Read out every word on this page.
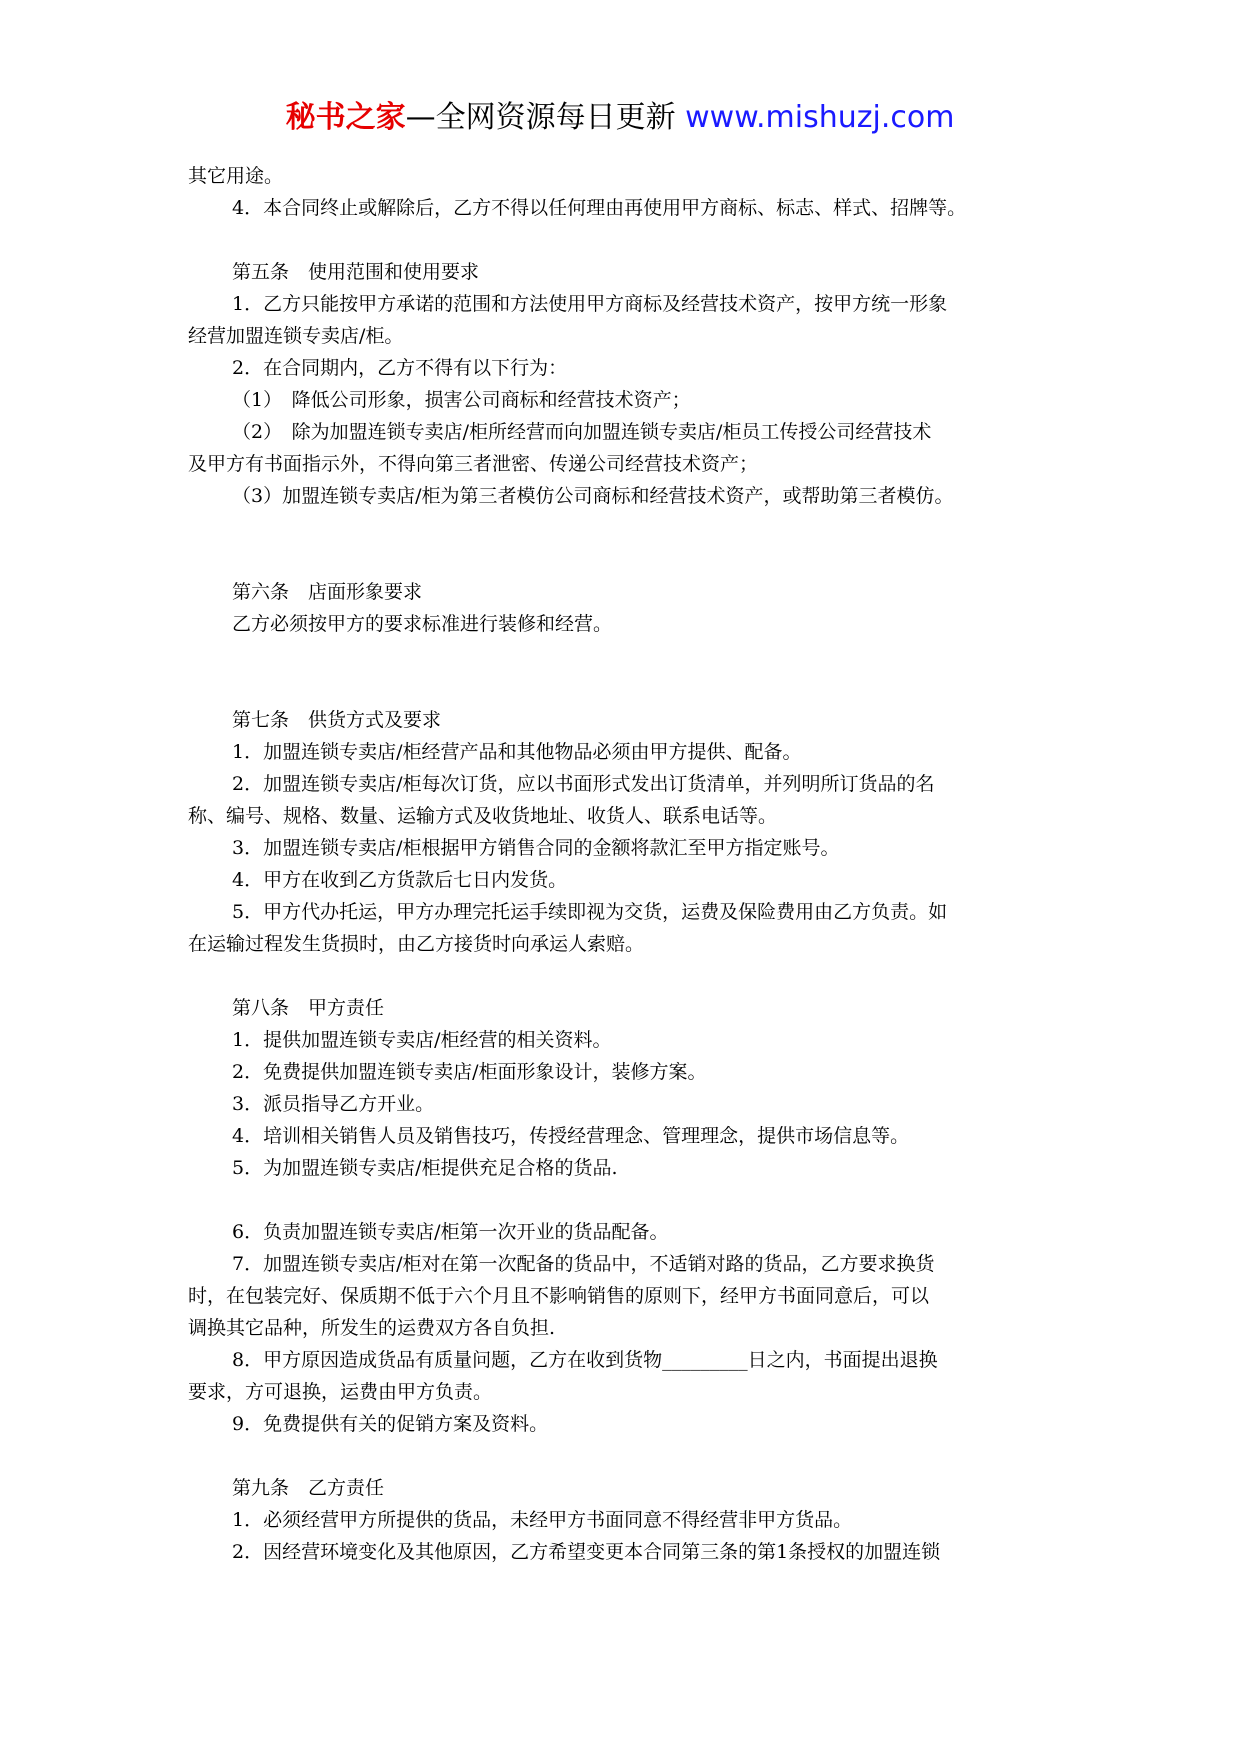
秘书之家—全网资源每日更新 www.mishuzj.com
其它用途。
4．本合同终止或解除后，乙方不得以任何理由再使用甲方商标、标志、样式、招牌等。
第五条　使用范围和使用要求
1．乙方只能按甲方承诺的范围和方法使用甲方商标及经营技术资产，按甲方统一形象
经营加盟连锁专卖店/柜。
2．在合同期内，乙方不得有以下行为：
（1）　降低公司形象，损害公司商标和经营技术资产；
（2）　除为加盟连锁专卖店/柜所经营而向加盟连锁专卖店/柜员工传授公司经营技术
及甲方有书面指示外，不得向第三者泄密、传递公司经营技术资产；
（3）加盟连锁专卖店/柜为第三者模仿公司商标和经营技术资产，或帮助第三者模仿。
第六条　店面形象要求
乙方必须按甲方的要求标准进行装修和经营。
第七条　供货方式及要求
1．加盟连锁专卖店/柜经营产品和其他物品必须由甲方提供、配备。
2．加盟连锁专卖店/柜每次订货，应以书面形式发出订货清单，并列明所订货品的名
称、编号、规格、数量、运输方式及收货地址、收货人、联系电话等。
3．加盟连锁专卖店/柜根据甲方销售合同的金额将款汇至甲方指定账号。
4．甲方在收到乙方货款后七日内发货。
5．甲方代办托运，甲方办理完托运手续即视为交货，运费及保险费用由乙方负责。如
在运输过程发生货损时，由乙方接货时向承运人索赔。
第八条　甲方责任
1．提供加盟连锁专卖店/柜经营的相关资料。
2．免费提供加盟连锁专卖店/柜面形象设计，装修方案。
3．派员指导乙方开业。
4．培训相关销售人员及销售技巧，传授经营理念、管理理念，提供市场信息等。
5．为加盟连锁专卖店/柜提供充足合格的货品.
6．负责加盟连锁专卖店/柜第一次开业的货品配备。
7．加盟连锁专卖店/柜对在第一次配备的货品中，不适销对路的货品，乙方要求换货
时，在包装完好、保质期不低于六个月且不影响销售的原则下，经甲方书面同意后，可以
调换其它品种，所发生的运费双方各自负担.
8．甲方原因造成货品有质量问题，乙方在收到货物_________日之内，书面提出退换
要求，方可退换，运费由甲方负责。
9．免费提供有关的促销方案及资料。
第九条　乙方责任
1．必须经营甲方所提供的货品，未经甲方书面同意不得经营非甲方货品。
2．因经营环境变化及其他原因，乙方希望变更本合同第三条的第1条授权的加盟连锁
